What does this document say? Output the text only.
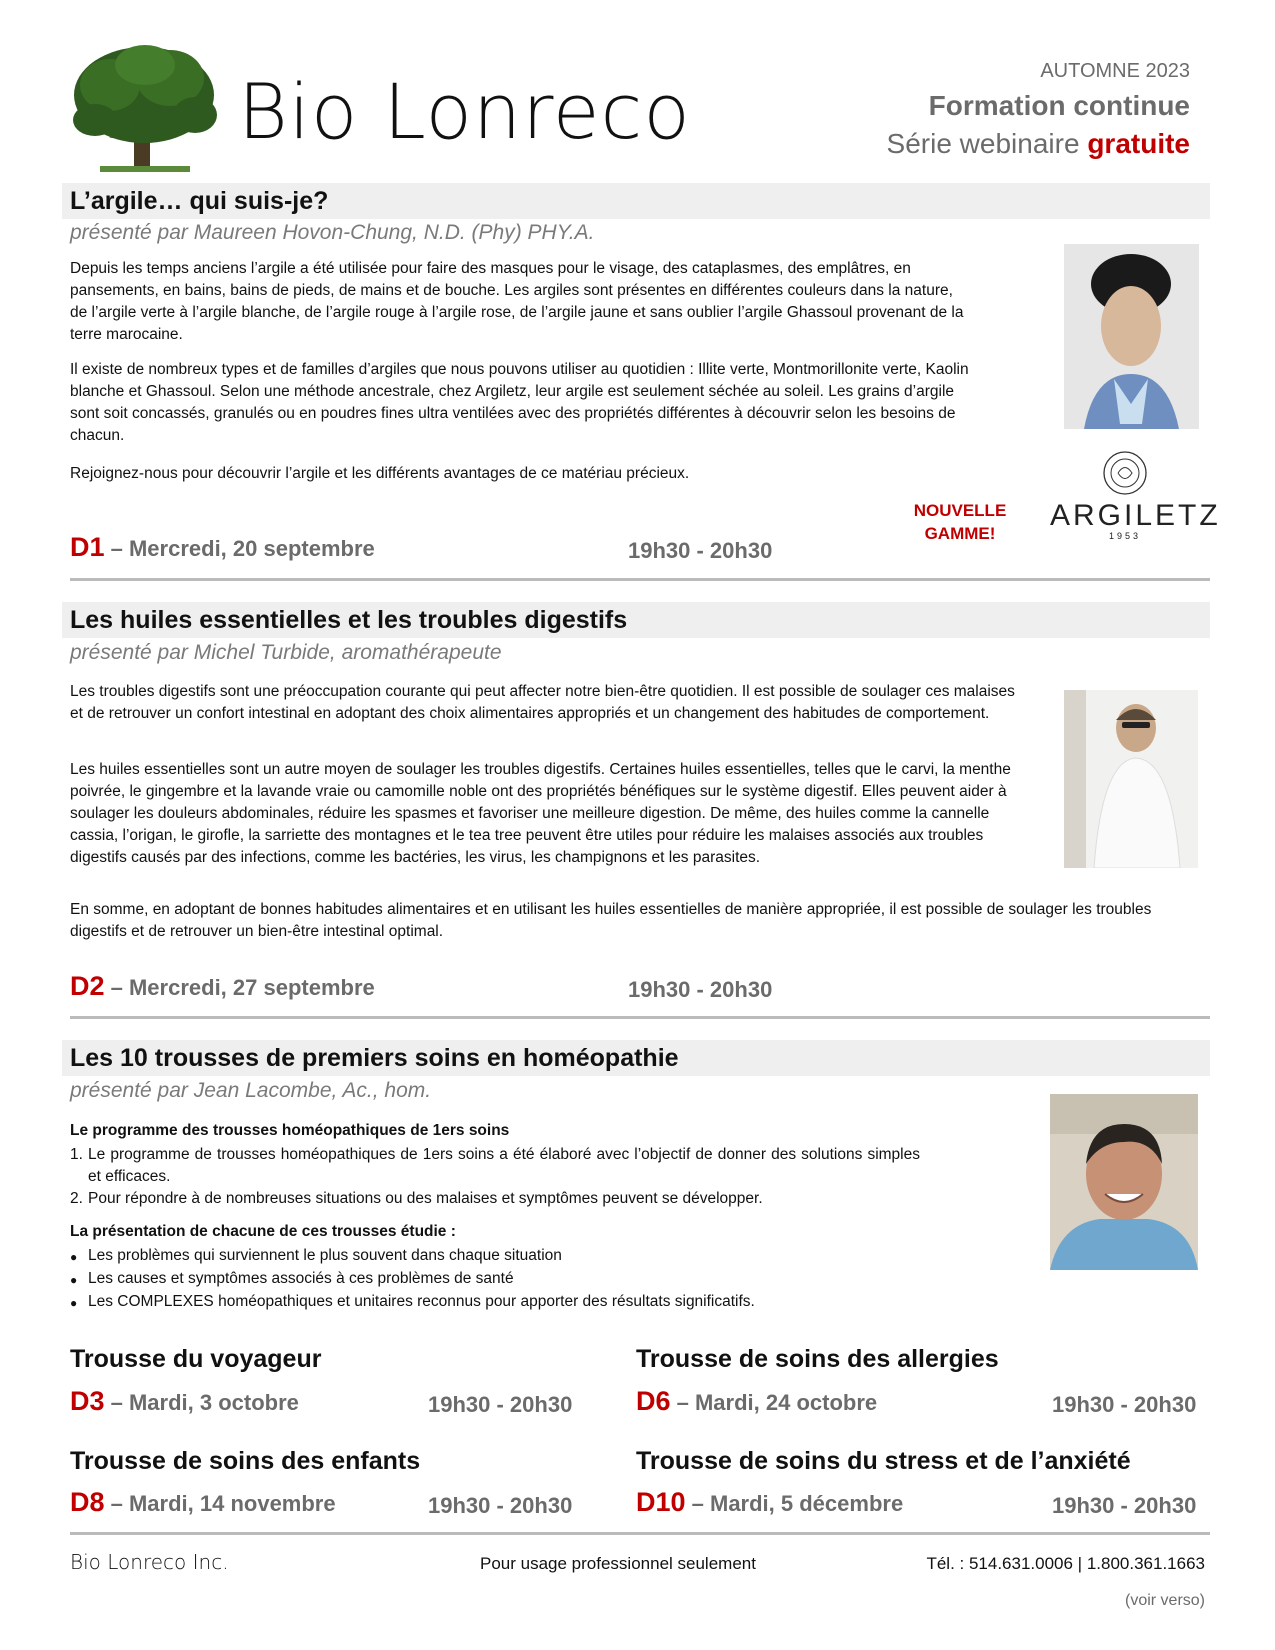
Bio Lonreco	AUTOMNE 2023
Formation continue
Série webinaire gratuite
L’argile… qui suis-je?
présenté par Maureen Hovon-Chung, N.D. (Phy) PHY.A.
Depuis les temps anciens l’argile a été utilisée pour faire des masques pour le visage, des cataplasmes, des emplâtres, en pansements, en bains, bains de pieds, de mains et de bouche. Les argiles sont présentes en différentes couleurs dans la nature, de l’argile verte à l’argile blanche, de l’argile rouge à l’argile rose, de l’argile jaune et sans oublier l’argile Ghassoul provenant de la terre marocaine.
Il existe de nombreux types et de familles d’argiles que nous pouvons utiliser au quotidien : Illite verte, Montmorillonite verte, Kaolin blanche et Ghassoul. Selon une méthode ancestrale, chez Argiletz, leur argile est seulement séchée au soleil. Les grains d’argile sont soit concassés, granulés ou en poudres fines ultra ventilées avec des propriétés différentes à découvrir selon les besoins de chacun.
Rejoignez-nous pour découvrir l’argile et les différents avantages de ce matériau précieux.
NOUVELLE
GAMME!
ARGILETZ
1953
D1 – Mercredi, 20 septembre	19h30 - 20h30
Les huiles essentielles et les troubles digestifs
présenté par Michel Turbide, aromathérapeute
Les troubles digestifs sont une préoccupation courante qui peut affecter notre bien-être quotidien. Il est possible de soulager ces malaises et de retrouver un confort intestinal en adoptant des choix alimentaires appropriés et un changement des habitudes de comportement.
Les huiles essentielles sont un autre moyen de soulager les troubles digestifs. Certaines huiles essentielles, telles que le carvi, la menthe poivrée, le gingembre et la lavande vraie ou camomille noble ont des propriétés bénéfiques sur le système digestif. Elles peuvent aider à soulager les douleurs abdominales, réduire les spasmes et favoriser une meilleure digestion. De même, des huiles comme la cannelle cassia, l’origan, le girofle, la sarriette des montagnes et le tea tree peuvent être utiles pour réduire les malaises associés aux troubles digestifs causés par des infections, comme les bactéries, les virus, les champignons et les parasites.
En somme, en adoptant de bonnes habitudes alimentaires et en utilisant les huiles essentielles de manière appropriée, il est possible de soulager les troubles digestifs et de retrouver un bien-être intestinal optimal.
D2 – Mercredi, 27 septembre	19h30 - 20h30
Les 10 trousses de premiers soins en homéopathie
présenté par Jean Lacombe, Ac., hom.
Le programme des trousses homéopathiques de 1ers soins
1. Le programme de trousses homéopathiques de 1ers soins a été élaboré avec l’objectif de donner des solutions simples et efficaces.
2. Pour répondre à de nombreuses situations ou des malaises et symptômes peuvent se développer.
La présentation de chacune de ces trousses étudie :
● Les problèmes qui surviennent le plus souvent dans chaque situation
● Les causes et symptômes associés à ces problèmes de santé
● Les COMPLEXES homéopathiques et unitaires reconnus pour apporter des résultats significatifs.
Trousse du voyageur
D3 – Mardi, 3 octobre	19h30 - 20h30
Trousse de soins des allergies
D6 – Mardi, 24 octobre	19h30 - 20h30
Trousse de soins des enfants
D8 – Mardi, 14 novembre	19h30 - 20h30
Trousse de soins du stress et de l’anxiété
D10 – Mardi, 5 décembre	19h30 - 20h30
Bio Lonreco Inc.	Pour usage professionnel seulement	Tél. : 514.631.0006 | 1.800.361.1663
(voir verso)
